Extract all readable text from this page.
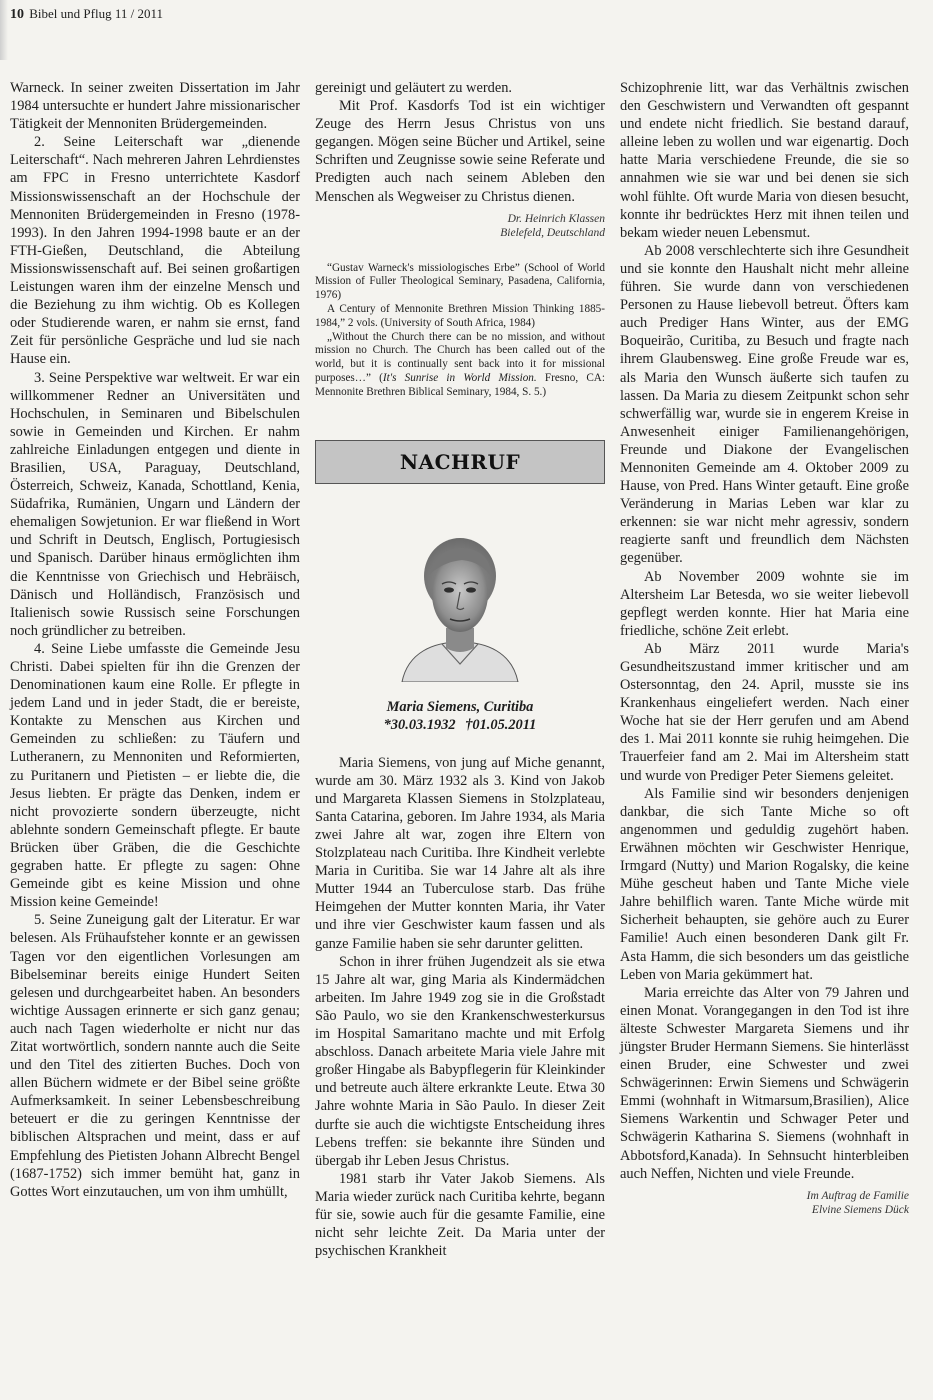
10 Bibel und Pflug 11 / 2011

Warneck. In seiner zweiten Dissertation im Jahr 1984 untersuchte er hundert Jahre missionarischer Tätigkeit der Mennoniten Brüdergemeinden.

2. Seine Leiterschaft war „dienende Leiterschaft“. Nach mehreren Jahren Lehrdienstes am FPC in Fresno unterrichtete Kasdorf Missionswissenschaft an der Hochschule der Mennoniten Brüdergemeinden in Fresno (1978-1993). In den Jahren 1994-1998 baute er an der FTH-Gießen, Deutschland, die Abteilung Missionswissenschaft auf. Bei seinen großartigen Leistungen waren ihm der einzelne Mensch und die Beziehung zu ihm wichtig. Ob es Kollegen oder Studierende waren, er nahm sie ernst, fand Zeit für persönliche Gespräche und lud sie nach Hause ein.

3. Seine Perspektive war weltweit. Er war ein willkommener Redner an Universitäten und Hochschulen, in Seminaren und Bibelschulen sowie in Gemeinden und Kirchen. Er nahm zahlreiche Einladungen entgegen und diente in Brasilien, USA, Paraguay, Deutschland, Österreich, Schweiz, Kanada, Schottland, Kenia, Südafrika, Rumänien, Ungarn und Ländern der ehemaligen Sowjetunion. Er war fließend in Wort und Schrift in Deutsch, Englisch, Portugiesisch und Spanisch. Darüber hinaus ermöglichten ihm die Kenntnisse von Griechisch und Hebräisch, Dänisch und Holländisch, Französisch und Italienisch sowie Russisch seine Forschungen noch gründlicher zu betreiben.

4. Seine Liebe umfasste die Gemeinde Jesu Christi. Dabei spielten für ihn die Grenzen der Denominationen kaum eine Rolle. Er pflegte in jedem Land und in jeder Stadt, die er bereiste, Kontakte zu Menschen aus Kirchen und Gemeinden zu schließen: zu Täufern und Lutheranern, zu Mennoniten und Reformierten, zu Puritanern und Pietisten – er liebte die, die Jesus liebten. Er prägte das Denken, indem er nicht provozierte sondern überzeugte, nicht ablehnte sondern Gemeinschaft pflegte. Er baute Brücken über Gräben, die die Geschichte gegraben hatte. Er pflegte zu sagen: Ohne Gemeinde gibt es keine Mission und ohne Mission keine Gemeinde!

5. Seine Zuneigung galt der Literatur. Er war belesen. Als Frühaufsteher konnte er an gewissen Tagen vor den eigentlichen Vorlesungen am Bibelseminar bereits einige Hundert Seiten gelesen und durchgearbeitet haben. An besonders wichtige Aussagen erinnerte er sich ganz genau; auch nach Tagen wiederholte er nicht nur das Zitat wortwörtlich, sondern nannte auch die Seite und den Titel des zitierten Buches. Doch von allen Büchern widmete er der Bibel seine größte Aufmerksamkeit. In seiner Lebensbeschreibung beteuert er die zu geringen Kenntnisse der biblischen Altsprachen und meint, dass er auf Empfehlung des Pietisten Johann Albrecht Bengel (1687-1752) sich immer bemüht hat, ganz in Gottes Wort einzutauchen, um von ihm umhüllt,

gereinigt und geläutert zu werden.

Mit Prof. Kasdorfs Tod ist ein wichtiger Zeuge des Herrn Jesus Christus von uns gegangen. Mögen seine Bücher und Artikel, seine Schriften und Zeugnisse sowie seine Referate und Predigten auch nach seinem Ableben den Menschen als Wegweiser zu Christus dienen.

Dr. Heinrich Klassen
Bielefeld, Deutschland

“Gustav Warneck's missiologisches Erbe” (School of World Mission of Fuller Theological Seminary, Pasadena, California, 1976)

A Century of Mennonite Brethren Mission Thinking 1885-1984,” 2 vols. (University of South Africa, 1984)

„Without the Church there can be no mission, and without mission no Church. The Church has been called out of the world, but it is continually sent back into it for missional purposes…” (It's Sunrise in World Mission. Fresno, CA: Mennonite Brethren Biblical Seminary, 1984, S. 5.)

NACHRUF
Maria Siemens, Curitiba
*30.03.1932 †01.05.2011

Maria Siemens, von jung auf Miche genannt, wurde am 30. März 1932 als 3. Kind von Jakob und Margareta Klassen Siemens in Stolzplateau, Santa Catarina, geboren. Im Jahre 1934, als Maria zwei Jahre alt war, zogen ihre Eltern von Stolzplateau nach Curitiba. Ihre Kindheit verlebte Maria in Curitiba. Sie war 14 Jahre alt als ihre Mutter 1944 an Tuberculose starb. Das frühe Heimgehen der Mutter konnten Maria, ihr Vater und ihre vier Geschwister kaum fassen und als ganze Familie haben sie sehr darunter gelitten.

Schon in ihrer frühen Jugendzeit als sie etwa 15 Jahre alt war, ging Maria als Kindermädchen arbeiten. Im Jahre 1949 zog sie in die Großstadt São Paulo, wo sie den Krankenschwesterkursus im Hospital Samaritano machte und mit Erfolg abschloss. Danach arbeitete Maria viele Jahre mit großer Hingabe als Babypflegerin für Kleinkinder und betreute auch ältere erkrankte Leute. Etwa 30 Jahre wohnte Maria in São Paulo. In dieser Zeit durfte sie auch die wichtigste Entscheidung ihres Lebens treffen: sie bekannte ihre Sünden und übergab ihr Leben Jesus Christus.

1981 starb ihr Vater Jakob Siemens. Als Maria wieder zurück nach Curitiba kehrte, begann für sie, sowie auch für die gesamte Familie, eine nicht sehr leichte Zeit. Da Maria unter der psychischen Krankheit

Schizophrenie litt, war das Verhältnis zwischen den Geschwistern und Verwandten oft gespannt und endete nicht friedlich. Sie bestand darauf, alleine leben zu wollen und war eigenartig. Doch hatte Maria verschiedene Freunde, die sie so annahmen wie sie war und bei denen sie sich wohl fühlte. Oft wurde Maria von diesen besucht, konnte ihr bedrücktes Herz mit ihnen teilen und bekam wieder neuen Lebensmut.

Ab 2008 verschlechterte sich ihre Gesundheit und sie konnte den Haushalt nicht mehr alleine führen. Sie wurde dann von verschiedenen Personen zu Hause liebevoll betreut. Öfters kam auch Prediger Hans Winter, aus der EMG Boqueirão, Curitiba, zu Besuch und fragte nach ihrem Glaubensweg. Eine große Freude war es, als Maria den Wunsch äußerte sich taufen zu lassen. Da Maria zu diesem Zeitpunkt schon sehr schwerfällig war, wurde sie in engerem Kreise in Anwesenheit einiger Familienangehörigen, Freunde und Diakone der Evangelischen Mennoniten Gemeinde am 4. Oktober 2009 zu Hause, von Pred. Hans Winter getauft. Eine große Veränderung in Marias Leben war klar zu erkennen: sie war nicht mehr agressiv, sondern reagierte sanft und freundlich dem Nächsten gegenüber.

Ab November 2009 wohnte sie im Altersheim Lar Betesda, wo sie weiter liebevoll gepflegt werden konnte. Hier hat Maria eine friedliche, schöne Zeit erlebt.

Ab März 2011 wurde Maria's Gesundheitszustand immer kritischer und am Ostersonntag, den 24. April, musste sie ins Krankenhaus eingeliefert werden. Nach einer Woche hat sie der Herr gerufen und am Abend des 1. Mai 2011 konnte sie ruhig heimgehen. Die Trauerfeier fand am 2. Mai im Altersheim statt und wurde von Prediger Peter Siemens geleitet.

Als Familie sind wir besonders denjenigen dankbar, die sich Tante Miche so oft angenommen und geduldig zugehört haben. Erwähnen möchten wir Geschwister Henrique, Irmgard (Nutty) und Marion Rogalsky, die keine Mühe gescheut haben und Tante Miche viele Jahre behilflich waren. Tante Miche würde mit Sicherheit behaupten, sie gehöre auch zu Eurer Familie! Auch einen besonderen Dank gilt Fr. Asta Hamm, die sich besonders um das geistliche Leben von Maria gekümmert hat.

Maria erreichte das Alter von 79 Jahren und einen Monat. Vorangegangen in den Tod ist ihre älteste Schwester Margareta Siemens und ihr jüngster Bruder Hermann Siemens. Sie hinterlässt einen Bruder, eine Schwester und zwei Schwägerinnen: Erwin Siemens und Schwägerin Emmi (wohnhaft in Witmarsum,Brasilien), Alice Siemens Warkentin und Schwager Peter und Schwägerin Katharina S. Siemens (wohnhaft in Abbotsford,Kanada). In Sehnsucht hinterbleiben auch Neffen, Nichten und viele Freunde.

Im Auftrag de Familie
Elvine Siemens Dück
